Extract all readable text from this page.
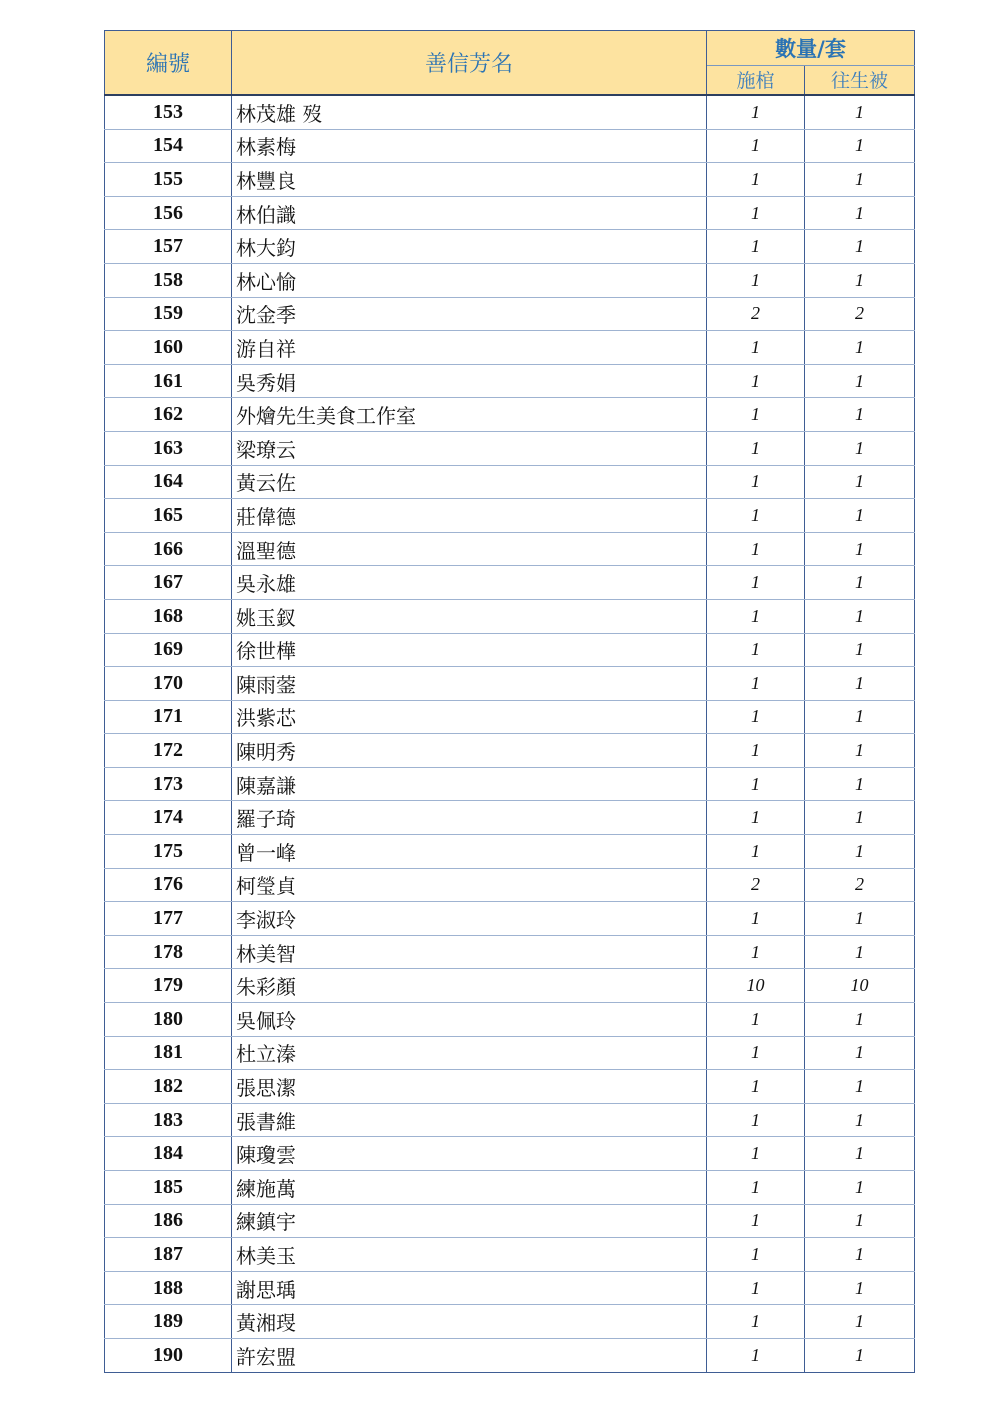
編號	善信芳名	數量/套	
		施棺	往生被
153	林茂雄 歿	1	1
154	林素梅	1	1
155	林豐良	1	1
156	林伯識	1	1
157	林大鈞	1	1
158	林心愉	1	1
159	沈金季	2	2
160	游自祥	1	1
161	吳秀娟	1	1
162	外燴先生美食工作室	1	1
163	梁璙云	1	1
164	黃云佐	1	1
165	莊偉德	1	1
166	溫聖德	1	1
167	吳永雄	1	1
168	姚玉釵	1	1
169	徐世樺	1	1
170	陳雨蓥	1	1
171	洪紫芯	1	1
172	陳明秀	1	1
173	陳嘉謙	1	1
174	羅子琦	1	1
175	曾一峰	1	1
176	柯瑩貞	2	2
177	李淑玲	1	1
178	林美智	1	1
179	朱彩顏	10	10
180	吳佩玲	1	1
181	杜立溱	1	1
182	張思潔	1	1
183	張書維	1	1
184	陳瓊雲	1	1
185	練施萬	1	1
186	練鎮宇	1	1
187	林美玉	1	1
188	謝思瑀	1	1
189	黃湘琝	1	1
190	許宏盟	1	1
